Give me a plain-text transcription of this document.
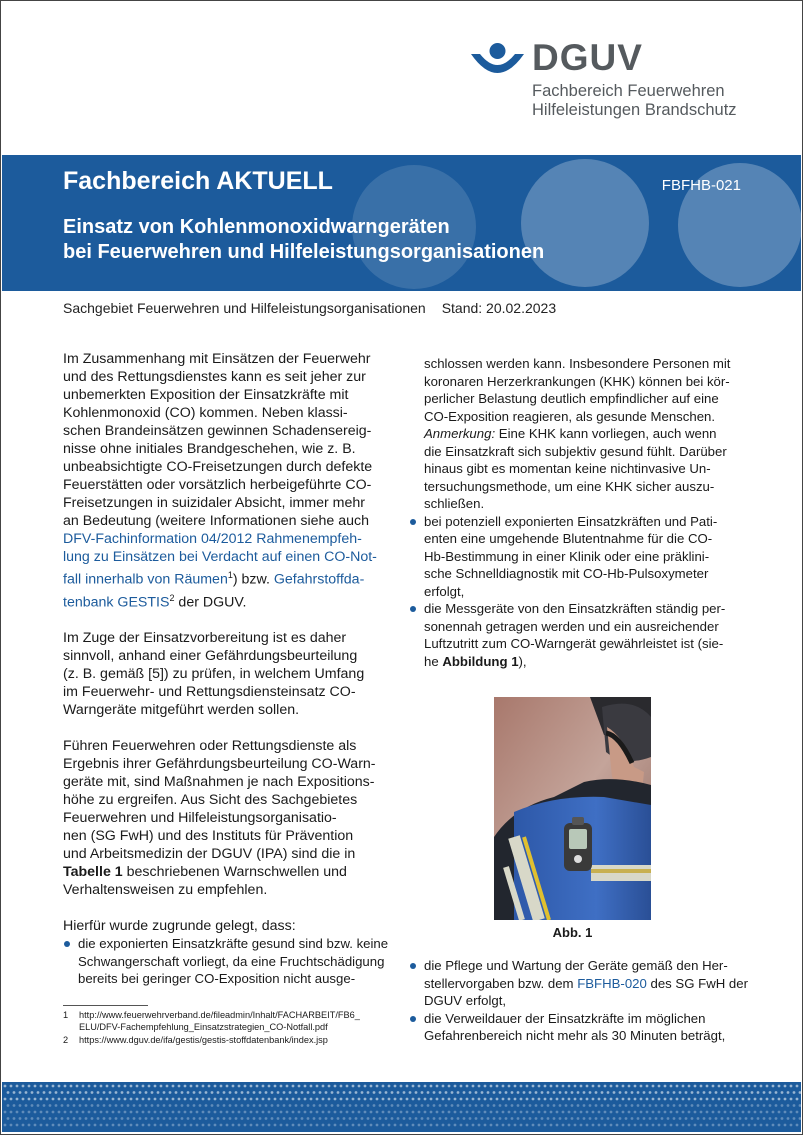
DGUV
Fachbereich Feuerwehren
Hilfeleistungen Brandschutz
Fachbereich AKTUELL	FBFHB-021
Einsatz von Kohlenmonoxidwarngeräten
bei Feuerwehren und Hilfeleistungsorganisationen
Sachgebiet Feuerwehren und Hilfeleistungsorganisationen Stand: 20.02.2023
Im Zusammenhang mit Einsätzen der Feuerwehr
und des Rettungsdienstes kann es seit jeher zur
unbemerkten Exposition der Einsatzkräfte mit
Kohlenmonoxid (CO) kommen. Neben klassi-
schen Brandeinsätzen gewinnen Schadensereig-
nisse ohne initiales Brandgeschehen, wie z. B.
unbeabsichtigte CO-Freisetzungen durch defekte
Feuerstätten oder vorsätzlich herbeigeführte CO-
Freisetzungen in suizidaler Absicht, immer mehr
an Bedeutung (weitere Informationen siehe auch
DFV-Fachinformation 04/2012 Rahmenempfeh-
lung zu Einsätzen bei Verdacht auf einen CO-Not-
fall innerhalb von Räumen$^1$) bzw. Gefahrstoffda-
tenbank GESTIS$^2$ der DGUV.
Im Zuge der Einsatzvorbereitung ist es daher
sinnvoll, anhand einer Gefährdungsbeurteilung
(z. B. gemäß [5]) zu prüfen, in welchem Umfang
im Feuerwehr- und Rettungsdiensteinsatz CO-
Warngeräte mitgeführt werden sollen.
Führen Feuerwehren oder Rettungsdienste als
Ergebnis ihrer Gefährdungsbeurteilung CO-Warn-
geräte mit, sind Maßnahmen je nach Expositions-
höhe zu ergreifen. Aus Sicht des Sachgebietes
Feuerwehren und Hilfeleistungsorganisatio-
nen (SG FwH) und des Instituts für Prävention
und Arbeitsmedizin der DGUV (IPA) sind die in
Tabelle 1 beschriebenen Warnschwellen und
Verhaltensweisen zu empfehlen.
Hierfür wurde zugrunde gelegt, dass:
die exponierten Einsatzkräfte gesund sind bzw. keine
Schwangerschaft vorliegt, da eine Fruchtschädigung
bereits bei geringer CO-Exposition nicht ausge-
1 http://www.feuerwehrverband.de/fileadmin/Inhalt/FACHARBEIT/FB6_
ELU/DFV-Fachempfehlung_Einsatzstrategien_CO-Notfall.pdf
2 https://www.dguv.de/ifa/gestis/gestis-stoffdatenbank/index.jsp
schlossen werden kann. Insbesondere Personen mit
koronaren Herzerkrankungen (KHK) können bei kör-
perlicher Belastung deutlich empfindlicher auf eine
CO-Exposition reagieren, als gesunde Menschen.
Anmerkung: Eine KHK kann vorliegen, auch wenn
die Einsatzkraft sich subjektiv gesund fühlt. Darüber
hinaus gibt es momentan keine nichtinvasive Un-
tersuchungsmethode, um eine KHK sicher auszu-
schließen.
bei potenziell exponierten Einsatzkräften und Pati-
enten eine umgehende Blutentnahme für die CO-
Hb-Bestimmung in einer Klinik oder eine präklini-
sche Schnelldiagnostik mit CO-Hb-Pulsoxymeter
erfolgt,
die Messgeräte von den Einsatzkräften ständig per-
sonennah getragen werden und ein ausreichender
Luftzutritt zum CO-Warngerät gewährleistet ist (sie-
he Abbildung 1),
Abb. 1
die Pflege und Wartung der Geräte gemäß den Her- stellervorgaben bzw. dem FBFHB-020 des SG FwH der DGUV erfolgt,
die Verweildauer der Einsatzkräfte im möglichen Gefahrenbereich nicht mehr als 30 Minuten beträgt,
